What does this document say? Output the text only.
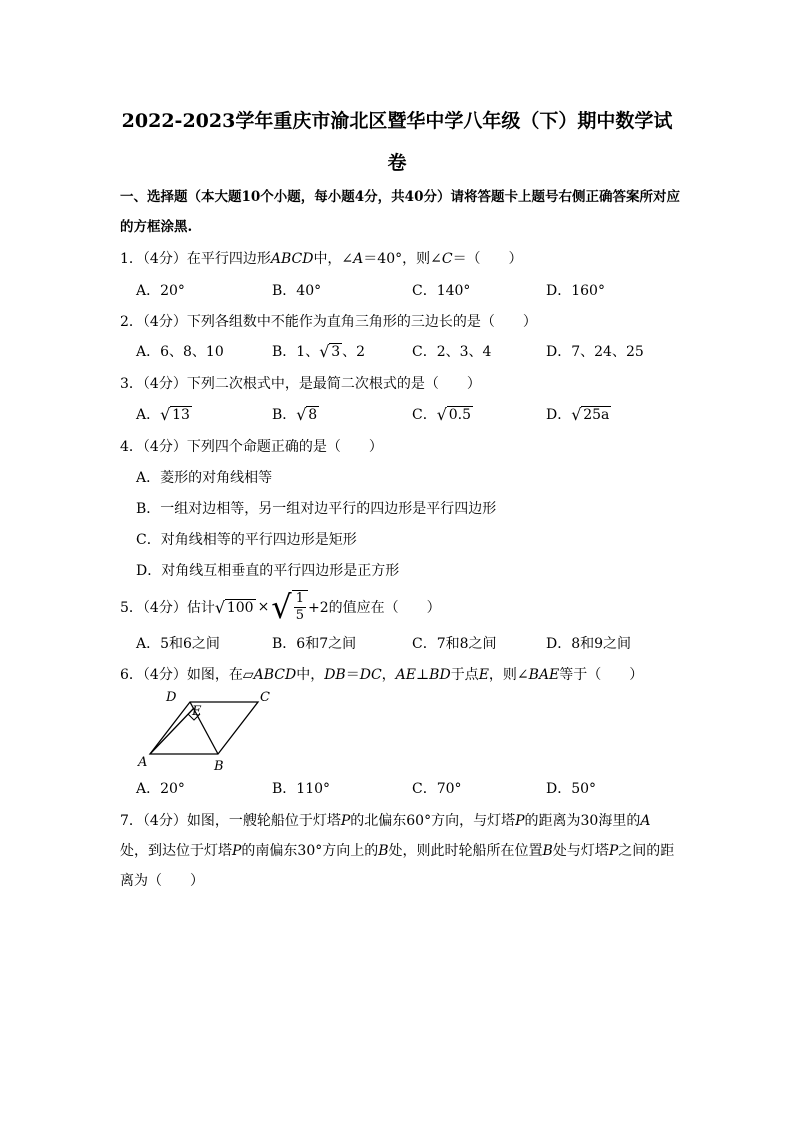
2022-2023学年重庆市渝北区暨华中学八年级（下）期中数学试
卷
一、选择题（本大题10个小题，每小题4分，共40分）请将答题卡上题号右侧正确答案所对应的方框涂黑.
1．（4分）在平行四边形ABCD中，∠A＝40°，则∠C＝（　　）
A．20°	B．40°	C．140°	D．160°
2．（4分）下列各组数中不能作为直角三角形的三边长的是（　　）
A．6、8、10	B．1、 √ 3 、2	C．2、3、4	D．7、24、25
3．（4分）下列二次根式中，是最简二次根式的是（　　）
A． √ 13	B． √ 8	C． √ 0.5	D． √ 25a
4．（4分）下列四个命题正确的是（　　）
A．菱形的对角线相等
B．一组对边相等，另一组对边平行的四边形是平行四边形
C．对角线相等的平行四边形是矩形
D．对角线互相垂直的平行四边形是正方形
5．（4分）估计 √ 100 × √ $\frac{1}{5} +2$的值应在（　　）
A．5和6之间	B．6和7之间	C．7和8之间	D．8和9之间
6．（4分）如图，在▱ABCD中，DB＝DC，AE⊥BD于点E，则∠BAE等于（　　）
D	C
E
A	B
A．20°	B．110°	C．70°	D．50°
7．（4分）如图，一艘轮船位于灯塔P的北偏东60°方向，与灯塔P的距离为30海里的A处，到达位于灯塔P的南偏东30°方向上的B处，则此时轮船所在位置B处与灯塔P之间的距离为（　　）
